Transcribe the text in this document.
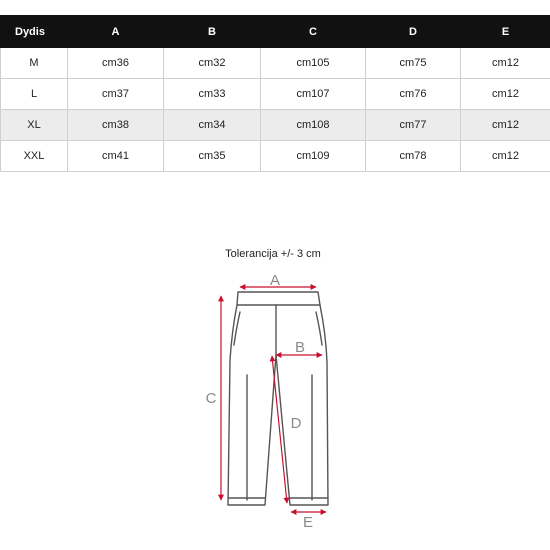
Dydis	A	B	C	D	E
M	cm36	cm32	cm105	cm75	cm12
L	cm37	cm33	cm107	cm76	cm12
XL	cm38	cm34	cm108	cm77	cm12
XXL	cm41	cm35	cm109	cm78	cm12
Tolerancija +/- 3 cm
A
B
C
D
E
